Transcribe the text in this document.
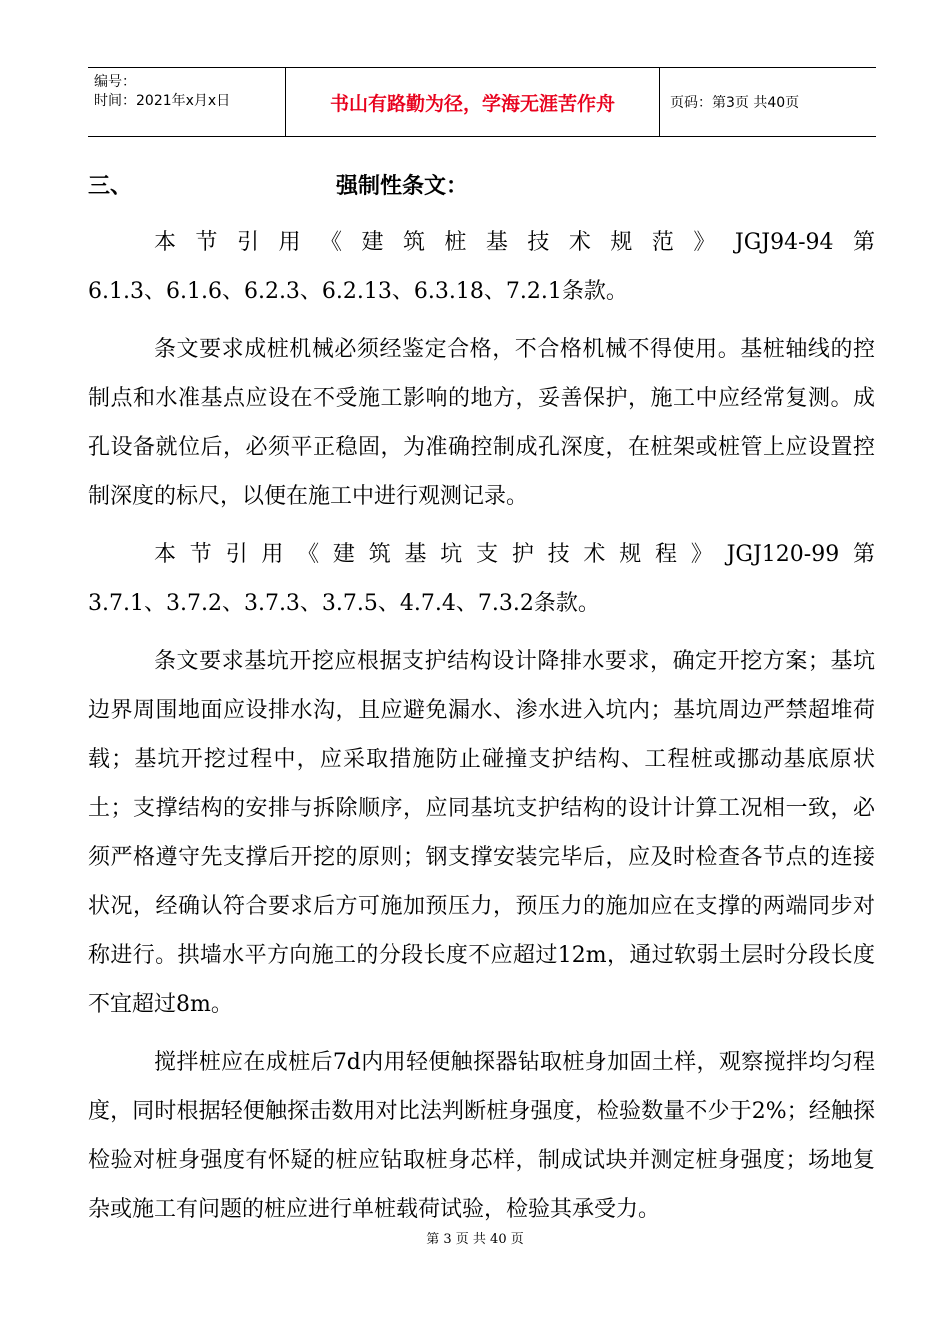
编号：
时间：2021年x月x日	书山有路勤为径，学海无涯苦作舟	页码：第3页 共40页
三、	强制性条文：

本节引用《建筑桩基技术规范》JGJ94-94第

6.1.3、6.1.6、6.2.3、6.2.13、6.3.18、7.2.1条款。

条文要求成桩机械必须经鉴定合格，不合格机械不得使用。基桩轴线的控制点和水准基点应设在不受施工影响的地方，妥善保护，施工中应经常复测。成孔设备就位后，必须平正稳固，为准确控制成孔深度，在桩架或桩管上应设置控制深度的标尺，以便在施工中进行观测记录。

本节引用《建筑基坑支护技术规程》JGJ120-99第

3.7.1、3.7.2、3.7.3、3.7.5、4.7.4、7.3.2条款。

条文要求基坑开挖应根据支护结构设计降排水要求，确定开挖方案；基坑边界周围地面应设排水沟，且应避免漏水、渗水进入坑内；基坑周边严禁超堆荷载；基坑开挖过程中，应采取措施防止碰撞支护结构、工程桩或挪动基底原状土；支撑结构的安排与拆除顺序，应同基坑支护结构的设计计算工况相一致，必须严格遵守先支撑后开挖的原则；钢支撑安装完毕后，应及时检查各节点的连接状况，经确认符合要求后方可施加预压力，预压力的施加应在支撑的两端同步对称进行。拱墙水平方向施工的分段长度不应超过12m，通过软弱土层时分段长度不宜超过8m。

搅拌桩应在成桩后7d内用轻便触探器钻取桩身加固土样，观察搅拌均匀程度，同时根据轻便触探击数用对比法判断桩身强度，检验数量不少于2%；经触探检验对桩身强度有怀疑的桩应钻取桩身芯样，制成试块并测定桩身强度；场地复杂或施工有问题的桩应进行单桩载荷试验，检验其承受力。

第 3 页 共 40 页
